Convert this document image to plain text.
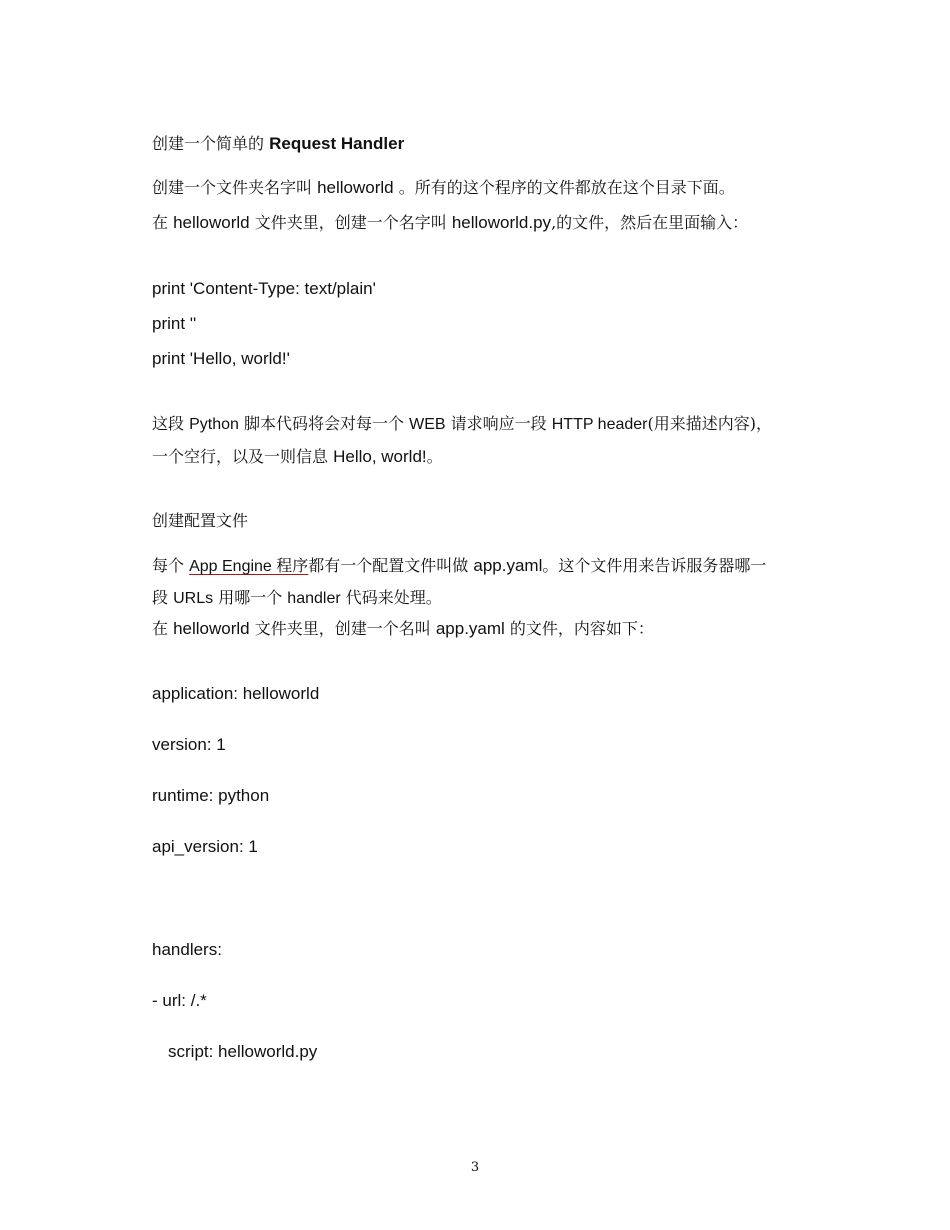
创建一个简单的 Request Handler
创建一个文件夹名字叫 helloworld 。所有的这个程序的文件都放在这个目录下面。
在 helloworld 文件夹里，创建一个名字叫 helloworld.py,的文件，然后在里面输入：
print 'Content-Type: text/plain'
print ''
print 'Hello, world!'
这段 Python 脚本代码将会对每一个 WEB 请求响应一段 HTTP header(用来描述内容)，
一个空行，以及一则信息 Hello, world!。
创建配置文件
每个 App Engine 程序都有一个配置文件叫做 app.yaml。这个文件用来告诉服务器哪一
段 URLs 用哪一个 handler 代码来处理。
在 helloworld 文件夹里，创建一个名叫 app.yaml 的文件，内容如下：
application: helloworld
version: 1
runtime: python
api_version: 1
handlers:
- url: /.*
script: helloworld.py
3
